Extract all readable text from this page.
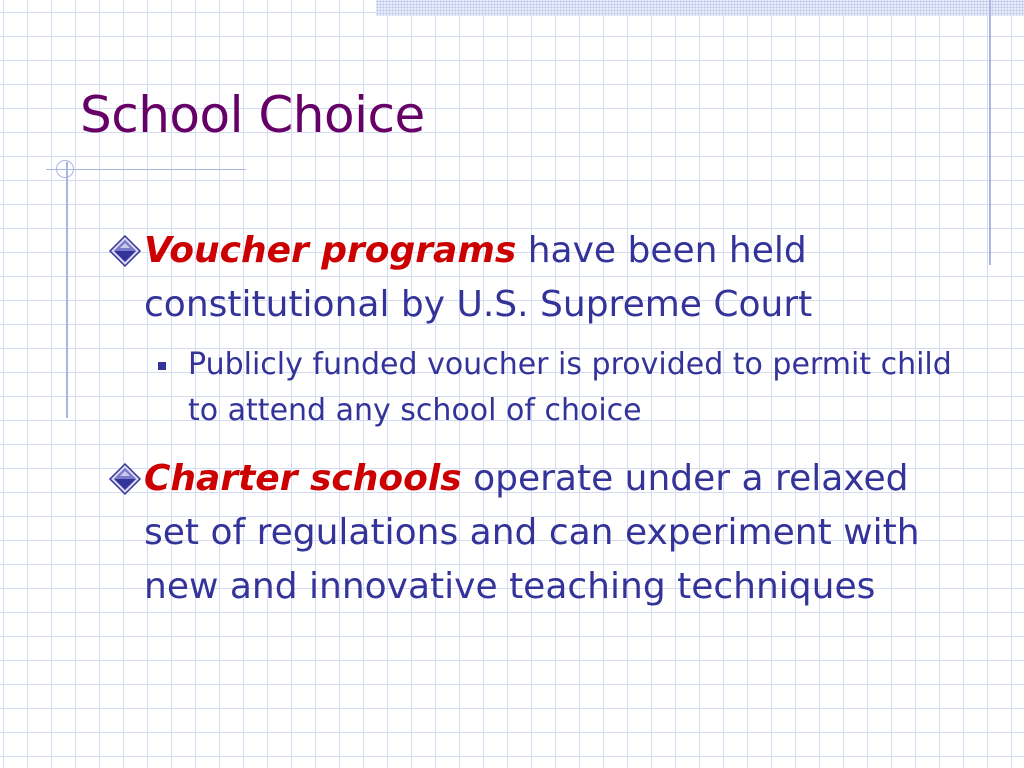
School Choice

Voucher programs have been held constitutional by U.S. Supreme Court

Publicly funded voucher is provided to permit child to attend any school of choice

Charter schools operate under a relaxed set of regulations and can experiment with new and innovative teaching techniques
